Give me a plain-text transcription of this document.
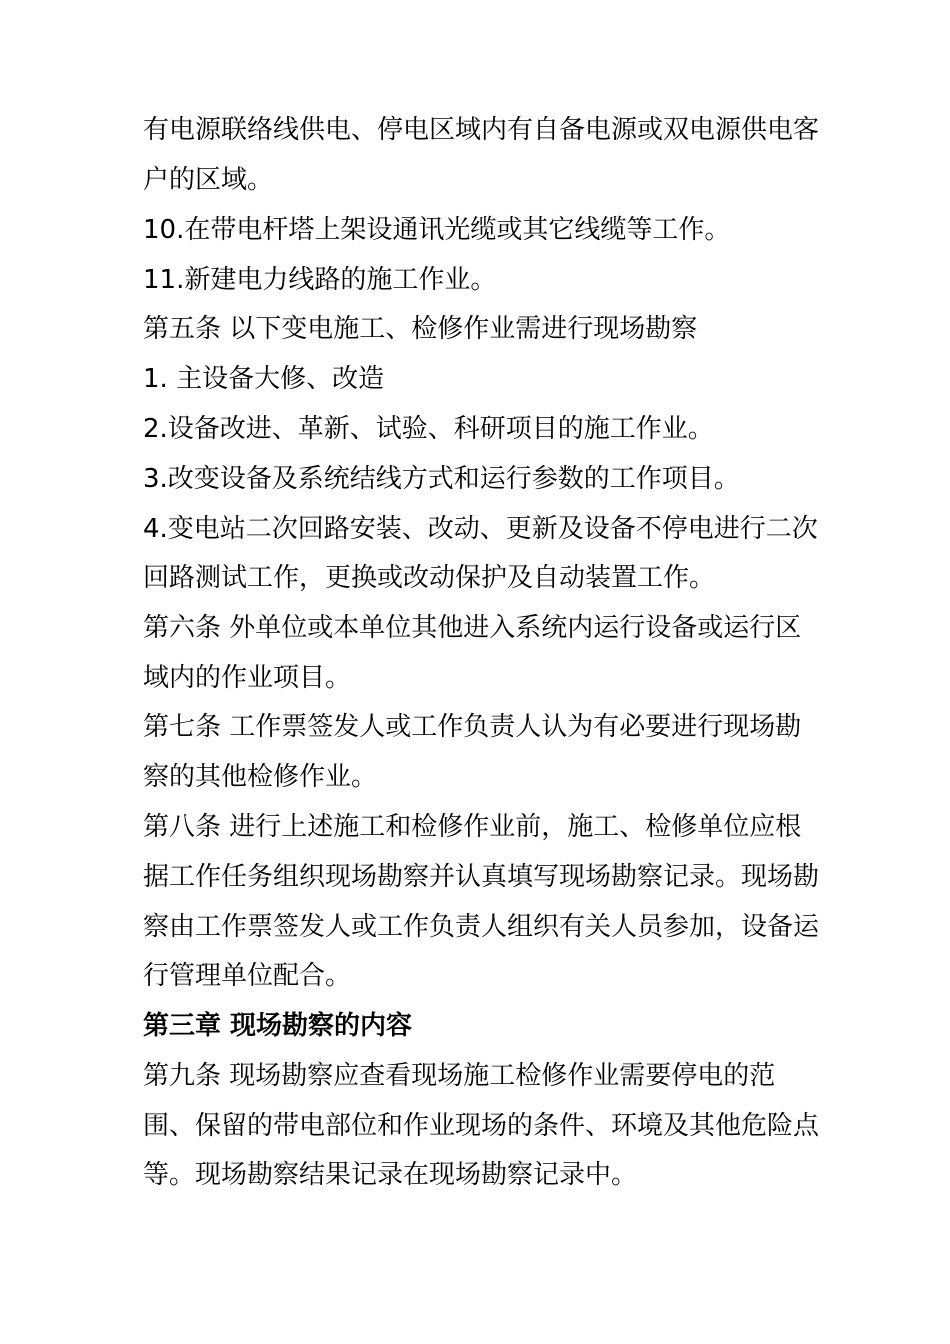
有电源联络线供电、停电区域内有自备电源或双电源供电客
户的区域。
10.在带电杆塔上架设通讯光缆或其它线缆等工作。
11.新建电力线路的施工作业。
第五条 以下变电施工、检修作业需进行现场勘察
1. 主设备大修、改造
2.设备改进、革新、试验、科研项目的施工作业。
3.改变设备及系统结线方式和运行参数的工作项目。
4.变电站二次回路安装、改动、更新及设备不停电进行二次
回路测试工作，更换或改动保护及自动装置工作。
第六条 外单位或本单位其他进入系统内运行设备或运行区
域内的作业项目。
第七条 工作票签发人或工作负责人认为有必要进行现场勘
察的其他检修作业。
第八条 进行上述施工和检修作业前，施工、检修单位应根
据工作任务组织现场勘察并认真填写现场勘察记录。现场勘
察由工作票签发人或工作负责人组织有关人员参加，设备运
行管理单位配合。
第三章 现场勘察的内容
第九条 现场勘察应查看现场施工检修作业需要停电的范
围、保留的带电部位和作业现场的条件、环境及其他危险点
等。现场勘察结果记录在现场勘察记录中。
